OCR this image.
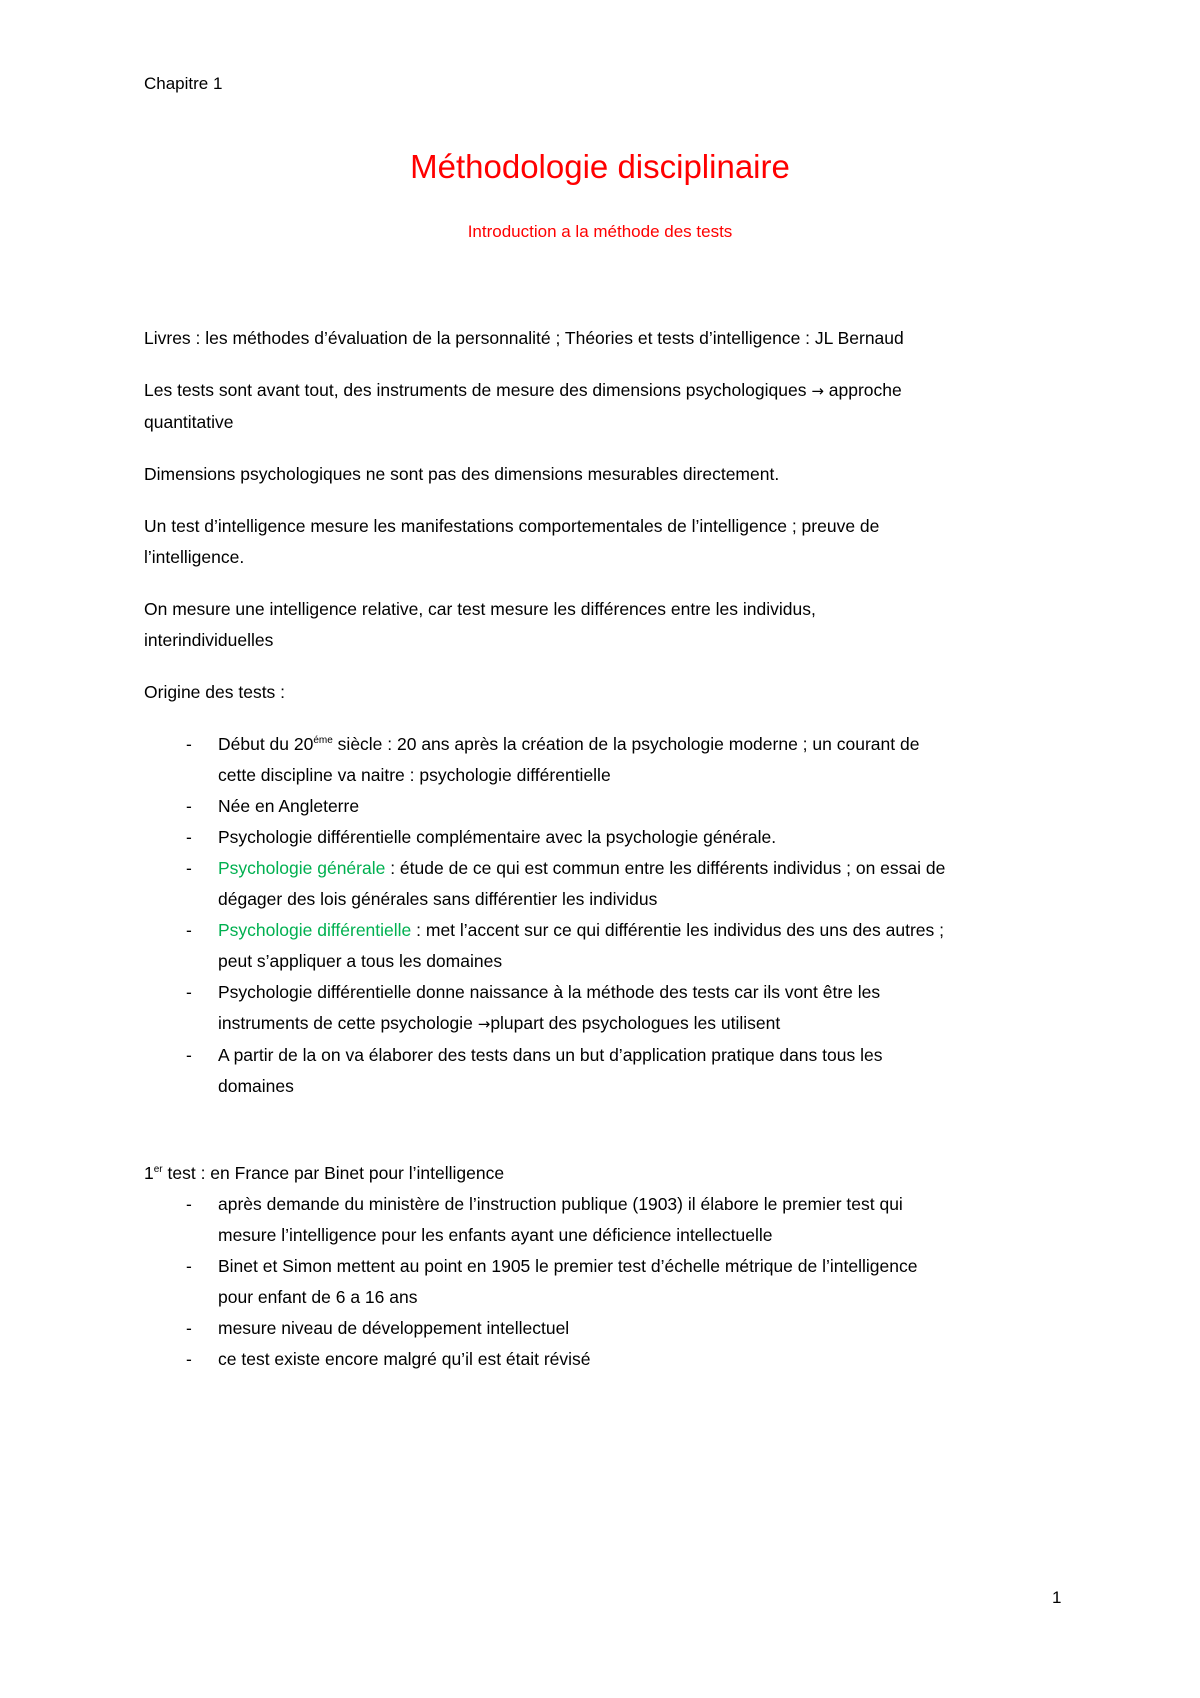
Chapitre 1
Méthodologie disciplinaire
Introduction a la méthode des tests

Livres : les méthodes d’évaluation de la personnalité ; Théories et tests d’intelligence : JL Bernaud

Les tests sont avant tout, des instruments de mesure des dimensions psychologiques → approche
quantitative

Dimensions psychologiques ne sont pas des dimensions mesurables directement.

Un test d’intelligence mesure les manifestations comportementales de l’intelligence ; preuve de
l’intelligence.

On mesure une intelligence relative, car test mesure les différences entre les individus,
interindividuelles

Origine des tests :

- Début du $20^{éme}$ siècle : 20 ans après la création de la psychologie moderne ; un courant de
cette discipline va naitre : psychologie différentielle
- Née en Angleterre
- Psychologie différentielle complémentaire avec la psychologie générale.
- Psychologie générale : étude de ce qui est commun entre les différents individus ; on essai de
dégager des lois générales sans différentier les individus
- Psychologie différentielle : met l’accent sur ce qui différentie les individus des uns des autres ;
peut s’appliquer a tous les domaines
- Psychologie différentielle donne naissance à la méthode des tests car ils vont être les
instruments de cette psychologie →plupart des psychologues les utilisent
- A partir de la on va élaborer des tests dans un but d’application pratique dans tous les
domaines

1er test : en France par Binet pour l’intelligence

- après demande du ministère de l’instruction publique (1903) il élabore le premier test qui
mesure l’intelligence pour les enfants ayant une déficience intellectuelle
- Binet et Simon mettent au point en 1905 le premier test d’échelle métrique de l’intelligence
pour enfant de 6 a 16 ans
- mesure niveau de développement intellectuel
- ce test existe encore malgré qu’il est était révisé
1
